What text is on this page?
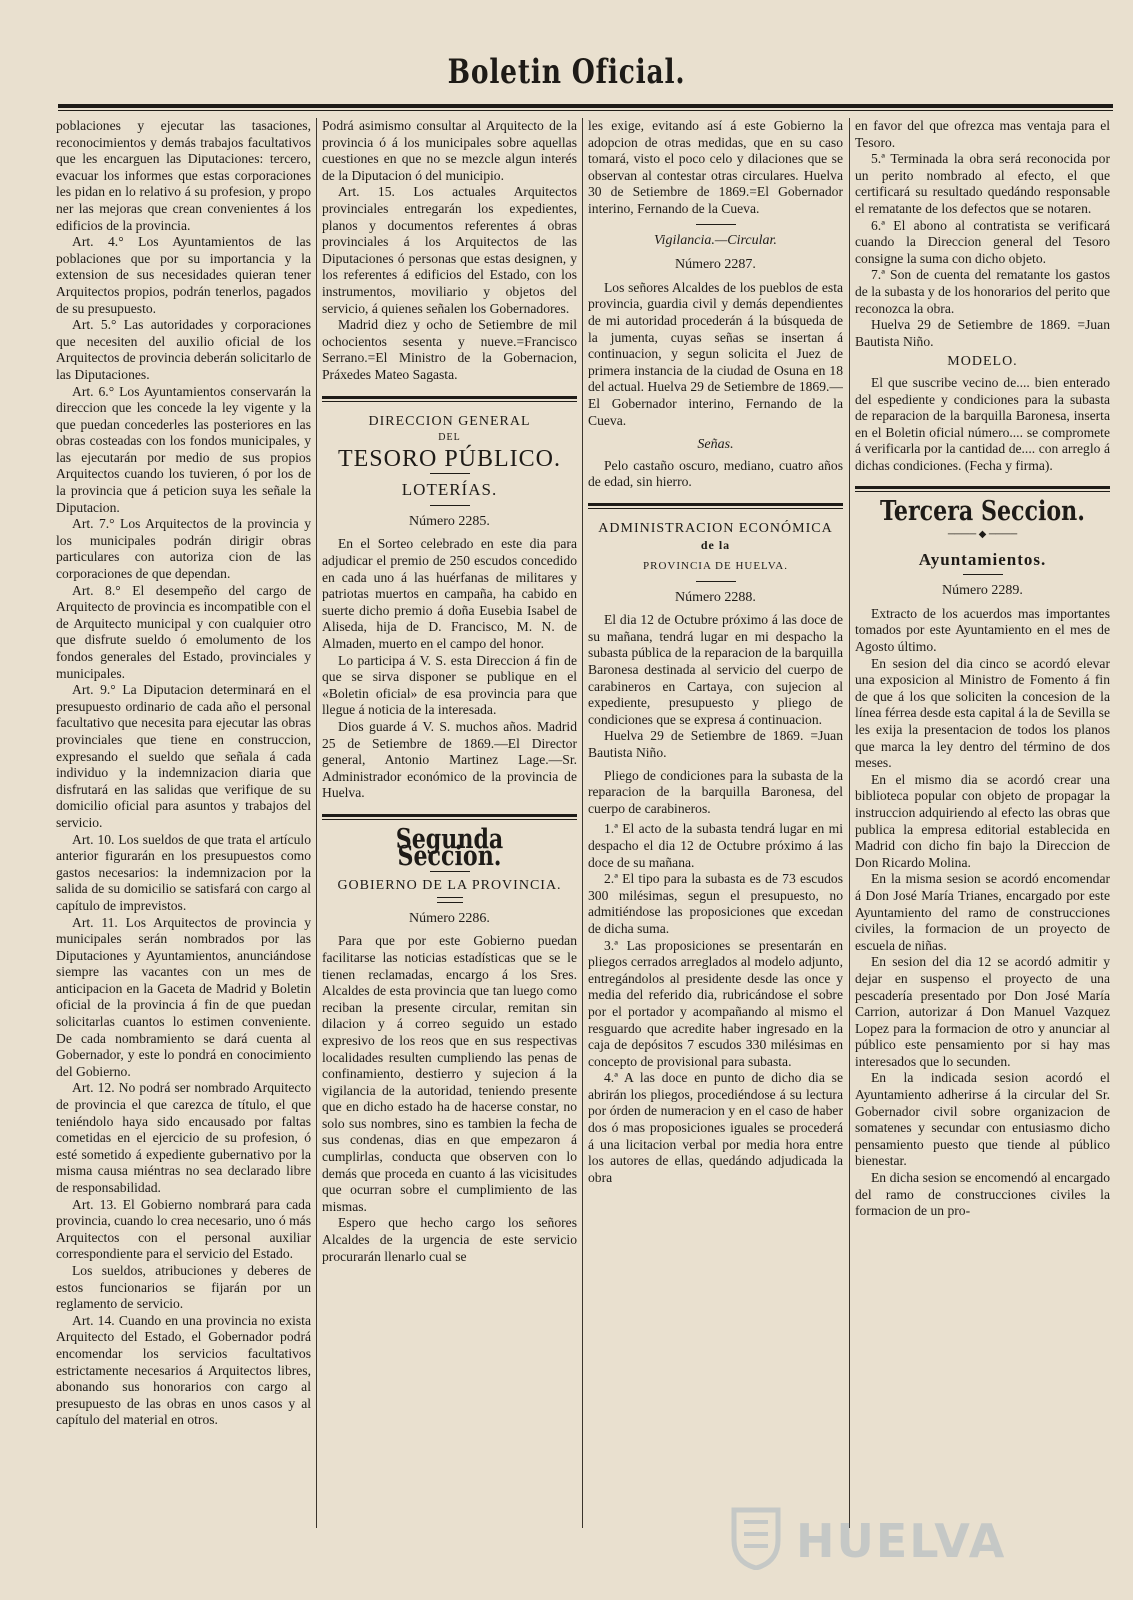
Boletin Oficial.

poblaciones y ejecutar las tasaciones, reconocimientos y demás trabajos facultativos que les encarguen las Diputaciones: tercero, evacuar los informes que estas corporaciones les pidan en lo relativo á su profesion, y propo ner las mejoras que crean convenientes á los edificios de la provincia.

Art. 4.° Los Ayuntamientos de las poblaciones que por su importancia y la extension de sus necesidades quieran tener Arquitectos propios, podrán tenerlos, pagados de su presupuesto.

Art. 5.° Las autoridades y corporaciones que necesiten del auxilio oficial de los Arquitectos de provincia deberán solicitarlo de las Diputaciones.

Art. 6.° Los Ayuntamientos conservarán la direccion que les concede la ley vigente y la que puedan concederles las posteriores en las obras costeadas con los fondos municipales, y las ejecutarán por medio de sus propios Arquitectos cuando los tuvieren, ó por los de la provincia que á peticion suya les señale la Diputacion.

Art. 7.° Los Arquitectos de la provincia y los municipales podrán dirigir obras particulares con autoriza cion de las corporaciones de que dependan.

Art. 8.° El desempeño del cargo de Arquitecto de provincia es incompatible con el de Arquitecto municipal y con cualquier otro que disfrute sueldo ó emolumento de los fondos generales del Estado, provinciales y municipales.

Art. 9.° La Diputacion determinará en el presupuesto ordinario de cada año el personal facultativo que necesita para ejecutar las obras provinciales que tiene en construccion, expresando el sueldo que señala á cada individuo y la indemnizacion diaria que disfrutará en las salidas que verifique de su domicilio oficial para asuntos y trabajos del servicio.

Art. 10. Los sueldos de que trata el artículo anterior figurarán en los presupuestos como gastos necesarios: la indemnizacion por la salida de su domicilio se satisfará con cargo al capítulo de imprevistos.

Art. 11. Los Arquitectos de provincia y municipales serán nombrados por las Diputaciones y Ayuntamientos, anunciándose siempre las vacantes con un mes de anticipacion en la Gaceta de Madrid y Boletin oficial de la provincia á fin de que puedan solicitarlas cuantos lo estimen conveniente. De cada nombramiento se dará cuenta al Gobernador, y este lo pondrá en conocimiento del Gobierno.

Art. 12. No podrá ser nombrado Arquitecto de provincia el que carezca de título, el que teniéndolo haya sido encausado por faltas cometidas en el ejercicio de su profesion, ó esté sometido á expediente gubernativo por la misma causa miéntras no sea declarado libre de responsabilidad.

Art. 13. El Gobierno nombrará para cada provincia, cuando lo crea necesario, uno ó más Arquitectos con el personal auxiliar correspondiente para el servicio del Estado.

Los sueldos, atribuciones y deberes de estos funcionarios se fijarán por un reglamento de servicio.

Art. 14. Cuando en una provincia no exista Arquitecto del Estado, el Gobernador podrá encomendar los servicios facultativos estrictamente necesarios á Arquitectos libres, abonando sus honorarios con cargo al presupuesto de las obras en unos casos y al capítulo del material en otros.

Podrá asimismo consultar al Arquitecto de la provincia ó á los municipales sobre aquellas cuestiones en que no se mezcle algun interés de la Diputacion ó del municipio.

Art. 15. Los actuales Arquitectos provinciales entregarán los expedientes, planos y documentos referentes á obras provinciales á los Arquitectos de las Diputaciones ó personas que estas designen, y los referentes á edificios del Estado, con los instrumentos, moviliario y objetos del servicio, á quienes señalen los Gobernadores.

Madrid diez y ocho de Setiembre de mil ochocientos sesenta y nueve.=Francisco Serrano.=El Ministro de la Gobernacion, Práxedes Mateo Sagasta.

DIRECCION GENERAL
DEL
TESORO PÚBLICO.
LOTERÍAS.
Número 2285.

En el Sorteo celebrado en este dia para adjudicar el premio de 250 escudos concedido en cada uno á las huérfanas de militares y patriotas muertos en campaña, ha cabido en suerte dicho premio á doña Eusebia Isabel de Aliseda, hija de D. Francisco, M. N. de Almaden, muerto en el campo del honor.

Lo participa á V. S. esta Direccion á fin de que se sirva disponer se publique en el «Boletin oficial» de esa provincia para que llegue á noticia de la interesada.

Dios guarde á V. S. muchos años. Madrid 25 de Setiembre de 1869.—El Director general, Antonio Martinez Lage.—Sr. Administrador económico de la provincia de Huelva.

Segunda Seccion.
GOBIERNO DE LA PROVINCIA.
Número 2286.

Para que por este Gobierno puedan facilitarse las noticias estadísticas que se le tienen reclamadas, encargo á los Sres. Alcaldes de esta provincia que tan luego como reciban la presente circular, remitan sin dilacion y á correo seguido un estado expresivo de los reos que en sus respectivas localidades resulten cumpliendo las penas de confinamiento, destierro y sujecion á la vigilancia de la autoridad, teniendo presente que en dicho estado ha de hacerse constar, no solo sus nombres, sino es tambien la fecha de sus condenas, dias en que empezaron á cumplirlas, conducta que observen con lo demás que proceda en cuanto á las vicisitudes que ocurran sobre el cumplimiento de las mismas.

Espero que hecho cargo los señores Alcaldes de la urgencia de este servicio procurarán llenarlo cual se

les exige, evitando así á este Gobierno la adopcion de otras medidas, que en su caso tomará, visto el poco celo y dilaciones que se observan al contestar otras circulares. Huelva 30 de Setiembre de 1869.=El Gobernador interino, Fernando de la Cueva.

Vigilancia.—Circular.
Número 2287.

Los señores Alcaldes de los pueblos de esta provincia, guardia civil y demás dependientes de mi autoridad procederán á la búsqueda de la jumenta, cuyas señas se insertan á continuacion, y segun solicita el Juez de primera instancia de la ciudad de Osuna en 18 del actual. Huelva 29 de Setiembre de 1869.—El Gobernador interino, Fernando de la Cueva.

Señas.

Pelo castaño oscuro, mediano, cuatro años de edad, sin hierro.

ADMINISTRACION ECONÓMICA
de la
PROVINCIA DE HUELVA.
Número 2288.

El dia 12 de Octubre próximo á las doce de su mañana, tendrá lugar en mi despacho la subasta pública de la reparacion de la barquilla Baronesa destinada al servicio del cuerpo de carabineros en Cartaya, con sujecion al expediente, presupuesto y pliego de condiciones que se expresa á continuacion.

Huelva 29 de Setiembre de 1869. =Juan Bautista Niño.

Pliego de condiciones para la subasta de la reparacion de la barquilla Baronesa, del cuerpo de carabineros.

1.ª El acto de la subasta tendrá lugar en mi despacho el dia 12 de Octubre próximo á las doce de su mañana.

2.ª El tipo para la subasta es de 73 escudos 300 milésimas, segun el presupuesto, no admitiéndose las proposiciones que excedan de dicha suma.

3.ª Las proposiciones se presentarán en pliegos cerrados arreglados al modelo adjunto, entregándolos al presidente desde las once y media del referido dia, rubricándose el sobre por el portador y acompañando al mismo el resguardo que acredite haber ingresado en la caja de depósitos 7 escudos 330 milésimas en concepto de provisional para subasta.

4.ª A las doce en punto de dicho dia se abrirán los pliegos, procediéndose á su lectura por órden de numeracion y en el caso de haber dos ó mas proposiciones iguales se procederá á una licitacion verbal por media hora entre los autores de ellas, quedándo adjudicada la obra

en favor del que ofrezca mas ventaja para el Tesoro.

5.ª Terminada la obra será reconocida por un perito nombrado al efecto, el que certificará su resultado quedándo responsable el rematante de los defectos que se notaren.

6.ª El abono al contratista se verificará cuando la Direccion general del Tesoro consigne la suma con dicho objeto.

7.ª Son de cuenta del rematante los gastos de la subasta y de los honorarios del perito que reconozca la obra.

Huelva 29 de Setiembre de 1869. =Juan Bautista Niño.

MODELO.

El que suscribe vecino de.... bien enterado del espediente y condiciones para la subasta de reparacion de la barquilla Baronesa, inserta en el Boletin oficial número.... se compromete á verificarla por la cantidad de.... con arreglo á dichas condiciones. (Fecha y firma).

Tercera Seccion.
──── ◆ ────
Ayuntamientos.
Número 2289.

Extracto de los acuerdos mas importantes tomados por este Ayuntamiento en el mes de Agosto último.

En sesion del dia cinco se acordó elevar una exposicion al Ministro de Fomento á fin de que á los que soliciten la concesion de la línea férrea desde esta capital á la de Sevilla se les exija la presentacion de todos los planos que marca la ley dentro del término de dos meses.

En el mismo dia se acordó crear una biblioteca popular con objeto de propagar la instruccion adquiriendo al efecto las obras que publica la empresa editorial establecida en Madrid con dicho fin bajo la Direccion de Don Ricardo Molina.

En la misma sesion se acordó encomendar á Don José María Trianes, encargado por este Ayuntamiento del ramo de construcciones civiles, la formacion de un proyecto de escuela de niñas.

En sesion del dia 12 se acordó admitir y dejar en suspenso el proyecto de una pescadería presentado por Don José María Carrion, autorizar á Don Manuel Vazquez Lopez para la formacion de otro y anunciar al público este pensamiento por si hay mas interesados que lo secunden.

En la indicada sesion acordó el Ayuntamiento adherirse á la circular del Sr. Gobernador civil sobre organizacion de somatenes y secundar con entusiasmo dicho pensamiento puesto que tiende al público bienestar.

En dicha sesion se encomendó al encargado del ramo de construcciones civiles la formacion de un pro-

HUELVA
